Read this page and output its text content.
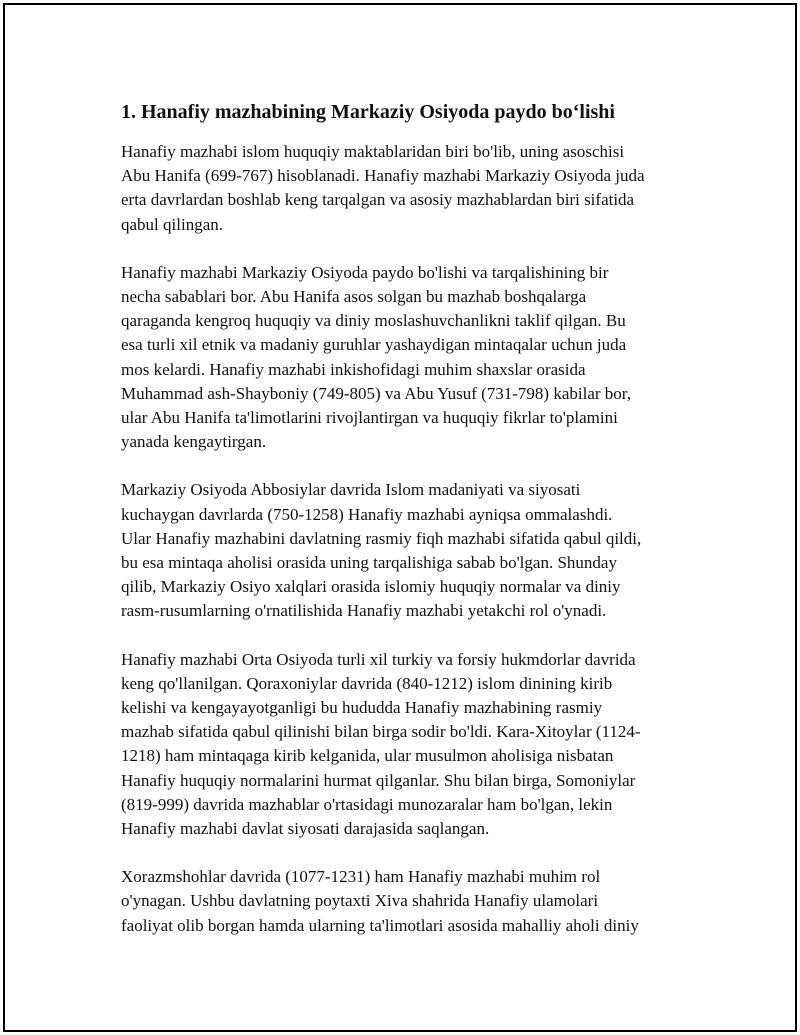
1. Hanafiy mazhabining Markaziy Osiyoda paydo bo‘lishi

Hanafiy mazhabi islom huquqiy maktablaridan biri bo'lib, uning asoschisi
Abu Hanifa (699-767) hisoblanadi. Hanafiy mazhabi Markaziy Osiyoda juda
erta davrlardan boshlab keng tarqalgan va asosiy mazhablardan biri sifatida
qabul qilingan.

Hanafiy mazhabi Markaziy Osiyoda paydo bo'lishi va tarqalishining bir
necha sabablari bor. Abu Hanifa asos solgan bu mazhab boshqalarga
qaraganda kengroq huquqiy va diniy moslashuvchanlikni taklif qilgan. Bu
esa turli xil etnik va madaniy guruhlar yashaydigan mintaqalar uchun juda
mos kelardi. Hanafiy mazhabi inkishofidagi muhim shaxslar orasida
Muhammad ash-Shayboniy (749-805) va Abu Yusuf (731-798) kabilar bor,
ular Abu Hanifa ta'limotlarini rivojlantirgan va huquqiy fikrlar to'plamini
yanada kengaytirgan.

Markaziy Osiyoda Abbosiylar davrida Islom madaniyati va siyosati
kuchaygan davrlarda (750-1258) Hanafiy mazhabi ayniqsa ommalashdi.
Ular Hanafiy mazhabini davlatning rasmiy fiqh mazhabi sifatida qabul qildi,
bu esa mintaqa aholisi orasida uning tarqalishiga sabab bo'lgan. Shunday
qilib, Markaziy Osiyo xalqlari orasida islomiy huquqiy normalar va diniy
rasm-rusumlarning o'rnatilishida Hanafiy mazhabi yetakchi rol o'ynadi.

Hanafiy mazhabi Orta Osiyoda turli xil turkiy va forsiy hukmdorlar davrida
keng qo'llanilgan. Qoraxoniylar davrida (840-1212) islom dinining kirib
kelishi va kengayayotganligi bu hududda Hanafiy mazhabining rasmiy
mazhab sifatida qabul qilinishi bilan birga sodir bo'ldi. Kara-Xitoylar (1124-
1218) ham mintaqaga kirib kelganida, ular musulmon aholisiga nisbatan
Hanafiy huquqiy normalarini hurmat qilganlar. Shu bilan birga, Somoniylar
(819-999) davrida mazhablar o'rtasidagi munozaralar ham bo'lgan, lekin
Hanafiy mazhabi davlat siyosati darajasida saqlangan.

Xorazmshohlar davrida (1077-1231) ham Hanafiy mazhabi muhim rol
o'ynagan. Ushbu davlatning poytaxti Xiva shahrida Hanafiy ulamolari
faoliyat olib borgan hamda ularning ta'limotlari asosida mahalliy aholi diniy
